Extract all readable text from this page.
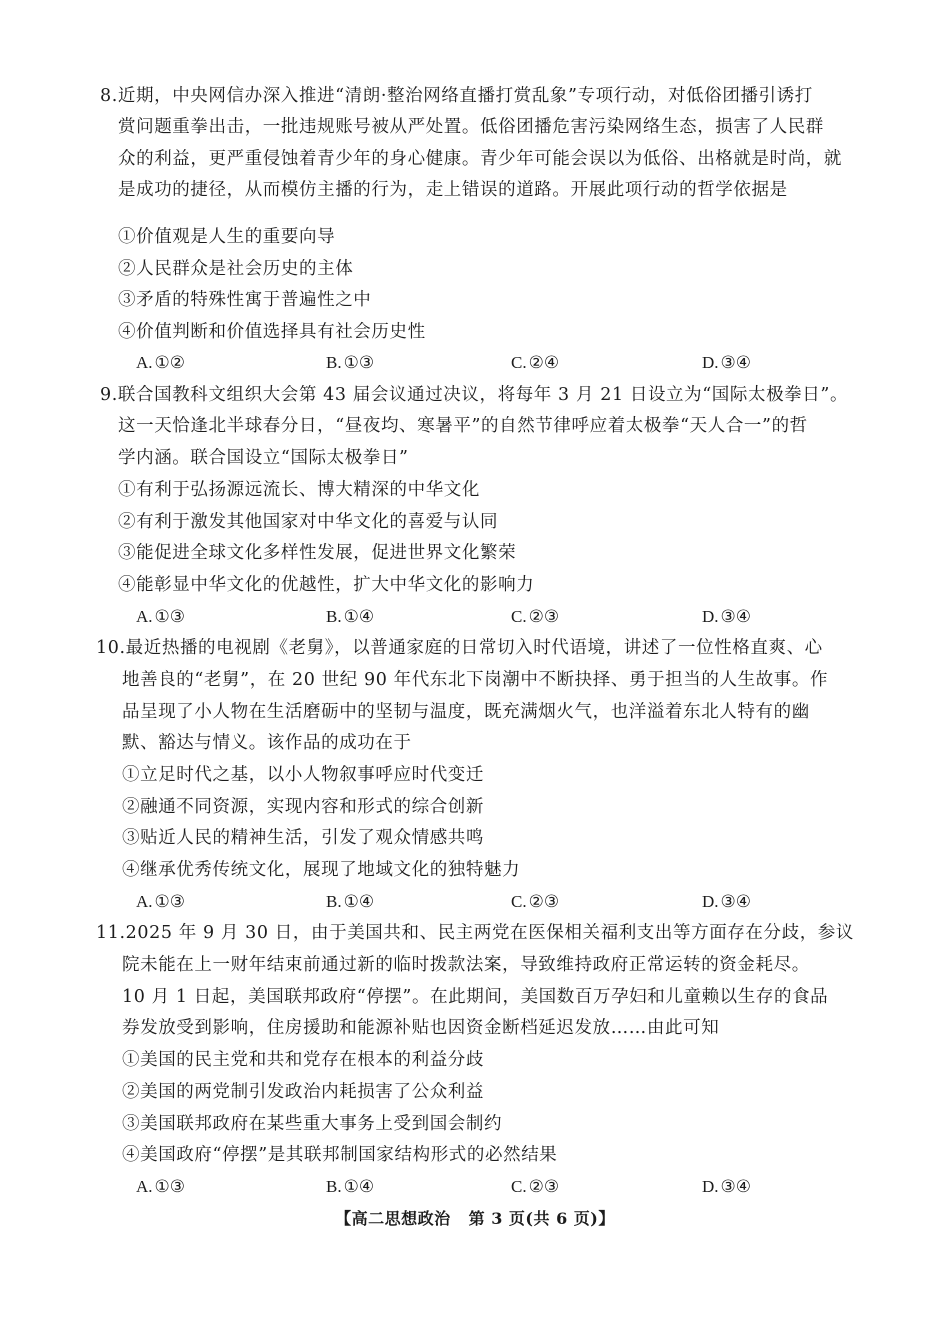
8.近期，中央网信办深入推进“清朗·整治网络直播打赏乱象”专项行动，对低俗团播引诱打
赏问题重拳出击，一批违规账号被从严处置。低俗团播危害污染网络生态，损害了人民群
众的利益，更严重侵蚀着青少年的身心健康。青少年可能会误以为低俗、出格就是时尚，就
是成功的捷径，从而模仿主播的行为，走上错误的道路。开展此项行动的哲学依据是
①价值观是人生的重要向导
②人民群众是社会历史的主体
③矛盾的特殊性寓于普遍性之中
④价值判断和价值选择具有社会历史性
A. ①②	B. ①③	C. ②④	D. ③④
9.联合国教科文组织大会第 43 届会议通过决议，将每年 3 月 21 日设立为“国际太极拳日”。
这一天恰逢北半球春分日，“昼夜均、寒暑平”的自然节律呼应着太极拳“天人合一”的哲
学内涵。联合国设立“国际太极拳日”
①有利于弘扬源远流长、博大精深的中华文化
②有利于激发其他国家对中华文化的喜爱与认同
③能促进全球文化多样性发展，促进世界文化繁荣
④能彰显中华文化的优越性，扩大中华文化的影响力
A. ①③	B. ①④	C. ②③	D. ③④
10.最近热播的电视剧《老舅》，以普通家庭的日常切入时代语境，讲述了一位性格直爽、心
地善良的“老舅”，在 20 世纪 90 年代东北下岗潮中不断抉择、勇于担当的人生故事。作
品呈现了小人物在生活磨砺中的坚韧与温度，既充满烟火气，也洋溢着东北人特有的幽
默、豁达与情义。该作品的成功在于
①立足时代之基，以小人物叙事呼应时代变迁
②融通不同资源，实现内容和形式的综合创新
③贴近人民的精神生活，引发了观众情感共鸣
④继承优秀传统文化，展现了地域文化的独特魅力
A. ①③	B. ①④	C. ②③	D. ③④
11.2025 年 9 月 30 日，由于美国共和、民主两党在医保相关福利支出等方面存在分歧，参议
院未能在上一财年结束前通过新的临时拨款法案，导致维持政府正常运转的资金耗尽。
10 月 1 日起，美国联邦政府“停摆”。在此期间，美国数百万孕妇和儿童赖以生存的食品
券发放受到影响，住房援助和能源补贴也因资金断档延迟发放……由此可知
①美国的民主党和共和党存在根本的利益分歧
②美国的两党制引发政治内耗损害了公众利益
③美国联邦政府在某些重大事务上受到国会制约
④美国政府“停摆”是其联邦制国家结构形式的必然结果
A. ①③	B. ①④	C. ②③	D. ③④
【高二思想政治 第 3 页(共 6 页)】
